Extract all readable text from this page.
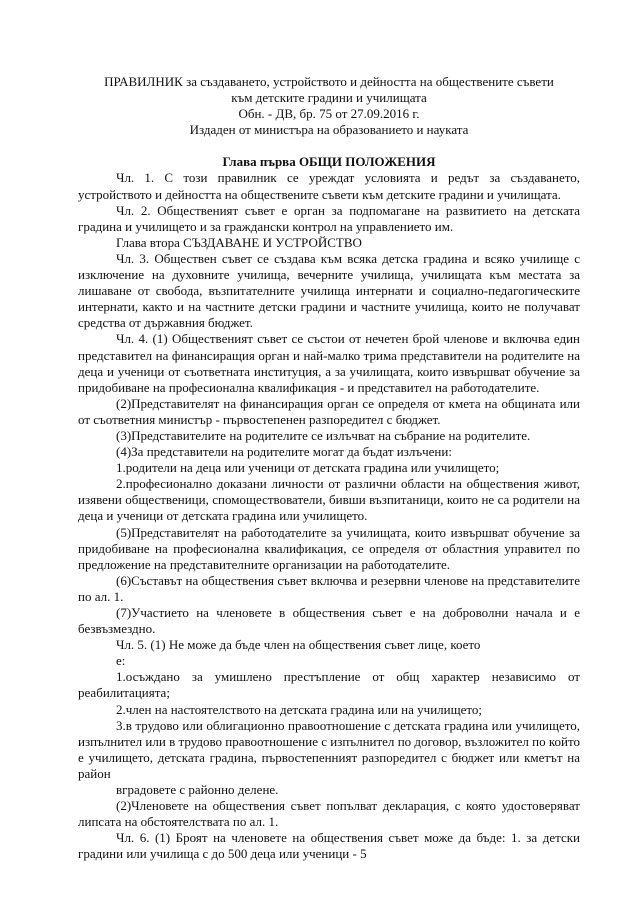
ПРАВИЛНИК за създаването, устройството и дейността на обществените съвети
към детските градини и училищата
Обн. - ДВ, бр. 75 от 27.09.2016 г.
Издаден от министъра на образованието и науката
Глава първа ОБЩИ ПОЛОЖЕНИЯ

Чл. 1. С този правилник се уреждат условията и редът за създаването, устройството и дейността на обществените съвети към детските градини и училищата.

Чл. 2. Общественият съвет е орган за подпомагане на развитието на детската градина и училището и за граждански контрол на управлението им.

Глава втора СЪЗДАВАНЕ И УСТРОЙСТВО

Чл. 3. Обществен съвет се създава към всяка детска градина и всяко училище с изключение на духовните училища, вечерните училища, училищата към местата за лишаване от свобода, възпитателните училища интернати и социално-педагогическите интернати, както и на частните детски градини и частните училища, които не получават средства от държавния бюджет.

Чл. 4. (1) Общественият съвет се състои от нечетен брой членове и включва един представител на финансиращия орган и най-малко трима представители на родителите на деца и ученици от съответната институция, а за училищата, които извършват обучение за придобиване на професионална квалификация - и представител на работодателите.

(2)Представителят на финансиращия орган се определя от кмета на общината или от съответния министър - първостепенен разпоредител с бюджет.

(3)Представителите на родителите се излъчват на събрание на родителите.

(4)За представители на родителите могат да бъдат излъчени:

1.родители на деца или ученици от детската градина или училището;

2.професионално доказани личности от различни области на обществения живот, изявени общественици, спомоществователи, бивши възпитаници, които не са родители на деца и ученици от детската градина или училището.

(5)Представителят на работодателите за училищата, които извършват обучение за придобиване на професионална квалификация, се определя от областния управител по предложение на представителните организации на работодателите.

(6)Съставът на обществения съвет включва и резервни членове на представителите по ал. 1.

(7)Участието на членовете в обществения съвет е на доброволни начала и е безвъзмездно.

Чл. 5. (1) Не може да бъде член на обществения съвет лице, което

е:

1.осъждано за умишлено престъпление от общ характер независимо от реабилитацията;

2.член на настоятелството на детската градина или на училището;

3.в трудово или облигационно правоотношение с детската градина или училището, изпълнител или в трудово правоотношение с изпълнител по договор, възложител по който е училището, детската градина, първостепенният разпоредител с бюджет или кметът на район

вградовете с районно делене.

(2)Членовете на обществения съвет попълват декларация, с която удостоверяват липсата на обстоятелствата по ал. 1.

Чл. 6. (1) Броят на членовете на обществения съвет може да бъде: 1. за детски градини или училища с до 500 деца или ученици - 5
